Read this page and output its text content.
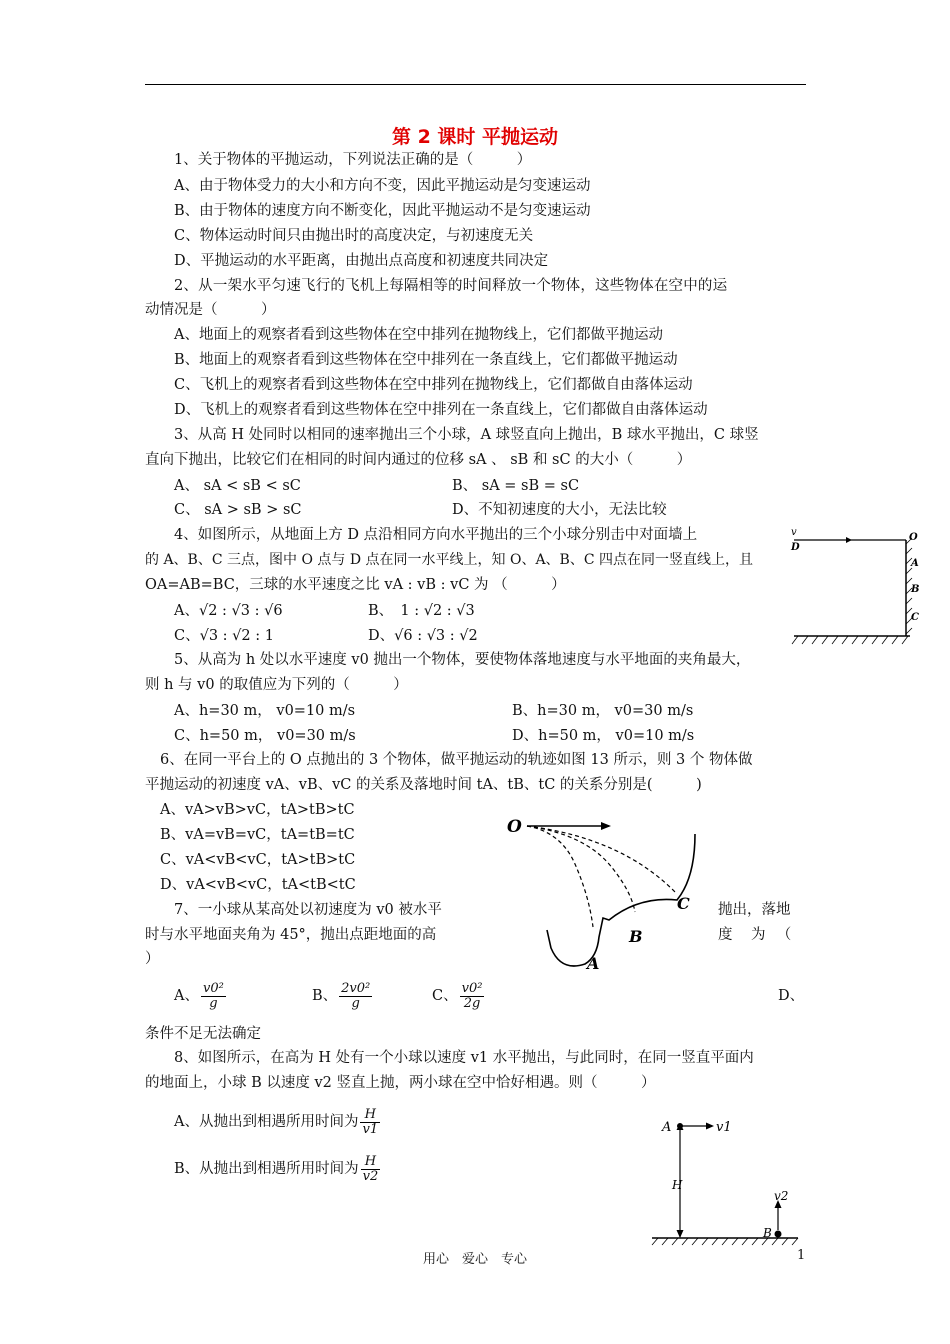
第 2 课时 平抛运动
1、关于物体的平抛运动，下列说法正确的是（　　　）
A、由于物体受力的大小和方向不变，因此平抛运动是匀变速运动
B、由于物体的速度方向不断变化，因此平抛运动不是匀变速运动
C、物体运动时间只由抛出时的高度决定，与初速度无关
D、平抛运动的水平距离，由抛出点高度和初速度共同决定
2、从一架水平匀速飞行的飞机上每隔相等的时间释放一个物体，这些物体在空中的运
动情况是（　　　）
A、地面上的观察者看到这些物体在空中排列在抛物线上，它们都做平抛运动
B、地面上的观察者看到这些物体在空中排列在一条直线上，它们都做平抛运动
C、飞机上的观察者看到这些物体在空中排列在抛物线上，它们都做自由落体运动
D、飞机上的观察者看到这些物体在空中排列在一条直线上，它们都做自由落体运动
3、从高 H 处同时以相同的速率抛出三个小球，A 球竖直向上抛出，B 球水平抛出，C 球竖
直向下抛出，比较它们在相同的时间内通过的位移 sA 、 sB 和 sC 的大小（　　　）
A、 sA < sB < sC	B、 sA = sB = sC
C、 sA > sB > sC	D、不知初速度的大小，无法比较
4、如图所示，从地面上方 D 点沿相同方向水平抛出的三个小球分别击中对面墙上
的 A、B、C 三点，图中 O 点与 D 点在同一水平线上，知 O、A、B、C 四点在同一竖直线上，且
OA=AB=BC，三球的水平速度之比 vA : vB : vC 为 （　　　）
A、√2 : √3 : √6	B、　1 : √2 : √3
C、√3 : √2 : 1	D、√6 : √3 : √2
v
D
O
A
B
C
5、从高为 h 处以水平速度 v0 抛出一个物体，要使物体落地速度与水平地面的夹角最大，
则 h 与 v0 的取值应为下列的（　　　）
A、h=30 m， v0=10 m/s	B、h=30 m， v0=30 m/s
C、h=50 m， v0=30 m/s	D、h=50 m， v0=10 m/s
6、在同一平台上的 O 点抛出的 3 个物体，做平抛运动的轨迹如图 13 所示，则 3 个 物体做
平抛运动的初速度 vA、vB、vC 的关系及落地时间 tA、tB、tC 的关系分别是(　　　)
A、vA>vB>vC，tA>tB>tC
B、vA=vB=vC，tA=tB=tC
C、vA<vB<vC，tA>tB>tC
D、vA<vB<vC，tA<tB<tC
O
A
B
C
7、一小球从某高处以初速度为 v0 被水平	抛出，落地
时与水平地面夹角为 45°，抛出点距地面的高	度　为　（
）
A、 $\frac{\text{v0²}}{g}$	B、 $\frac{\text{2v0²}}{g}$	C、 $\frac{\text{v0²}}{2g}$	D、
条件不足无法确定
8、如图所示，在高为 H 处有一个小球以速度 v1 水平抛出，与此同时，在同一竖直平面内
的地面上，小球 B 以速度 v2 竖直上抛，两小球在空中恰好相遇。则（　　　）
A、从抛出到相遇所用时间为 $\frac{H}{v1}$
B、从抛出到相遇所用时间为 $\frac{H}{v2}$
A	v1
H
v2
B
用心　爱心　专心	1
